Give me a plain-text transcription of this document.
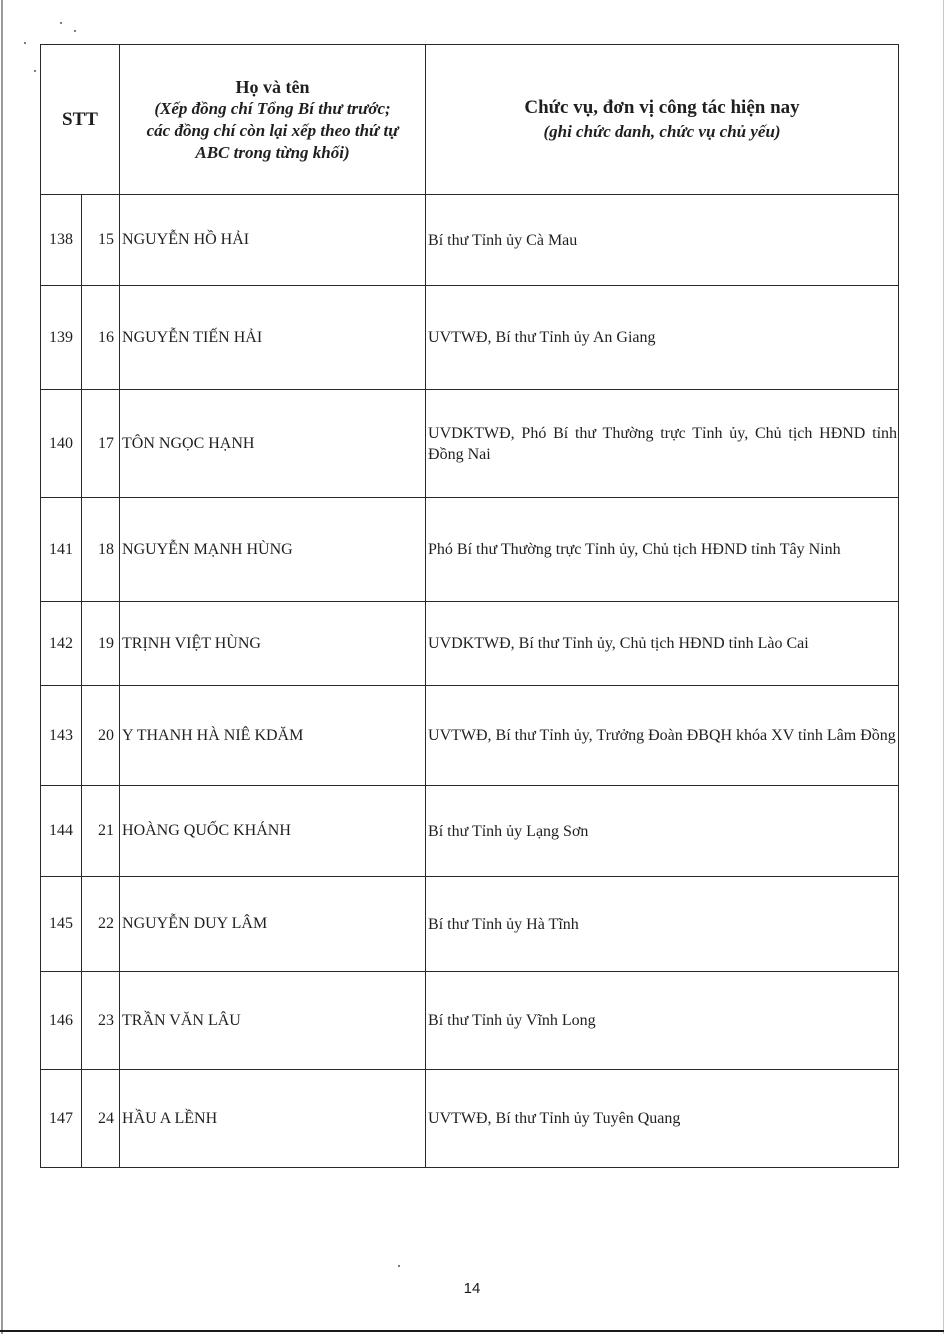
STT		Họ và tên
(Xếp đồng chí Tổng Bí thư trước;
các đồng chí còn lại xếp theo thứ tự
ABC trong từng khối)	Chức vụ, đơn vị công tác hiện nay
(ghi chức danh, chức vụ chủ yếu)

138	15	NGUYỄN HỒ HẢI	Bí thư Tỉnh ủy Cà Mau
139	16	NGUYỄN TIẾN HẢI	UVTWĐ, Bí thư Tỉnh ủy An Giang
140	17	TÔN NGỌC HẠNH	UVDKTWĐ, Phó Bí thư Thường trực Tỉnh ủy, Chủ tịch HĐND tỉnh Đồng Nai
141	18	NGUYỄN MẠNH HÙNG	Phó Bí thư Thường trực Tỉnh ủy, Chủ tịch HĐND tỉnh Tây Ninh
142	19	TRỊNH VIỆT HÙNG	UVDKTWĐ, Bí thư Tỉnh ủy, Chủ tịch HĐND tỉnh Lào Cai
143	20	Y THANH HÀ NIÊ KDĂM	UVTWĐ, Bí thư Tỉnh ủy, Trưởng Đoàn ĐBQH khóa XV tỉnh Lâm Đồng
144	21	HOÀNG QUỐC KHÁNH	Bí thư Tỉnh ủy Lạng Sơn
145	22	NGUYỄN DUY LÂM	Bí thư Tỉnh ủy Hà Tĩnh
146	23	TRẦN VĂN LÂU	Bí thư Tỉnh ủy Vĩnh Long
147	24	HẦU A LỀNH	UVTWĐ, Bí thư Tỉnh ủy Tuyên Quang
14
